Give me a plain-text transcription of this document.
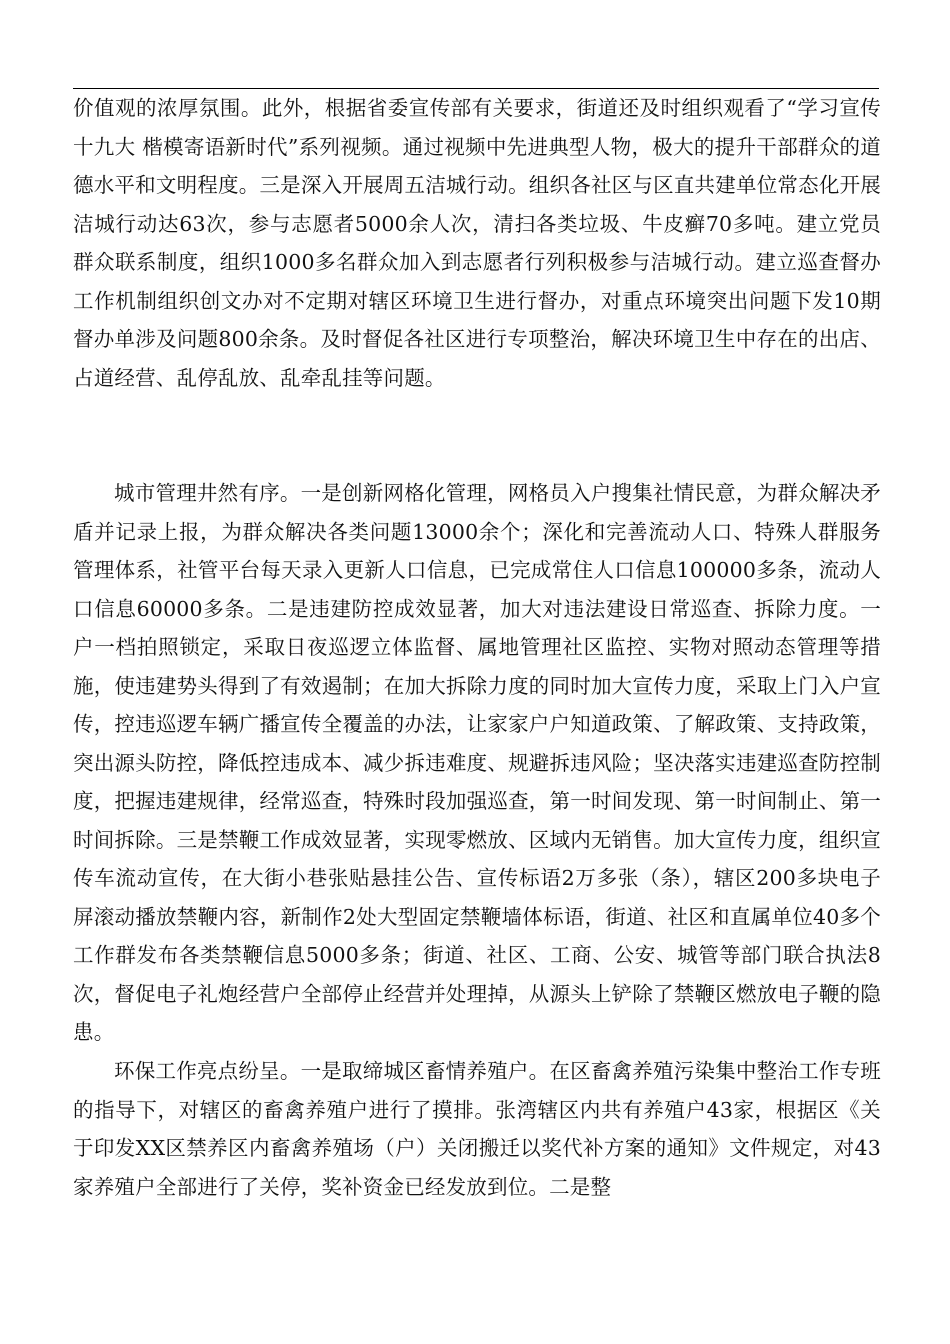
价值观的浓厚氛围。此外，根据省委宣传部有关要求，街道还及时组织观看了“学习宣传十九大 楷模寄语新时代”系列视频。通过视频中先进典型人物，极大的提升干部群众的道德水平和文明程度。三是深入开展周五洁城行动。组织各社区与区直共建单位常态化开展洁城行动达63次，参与志愿者5000余人次，清扫各类垃圾、牛皮癣70多吨。建立党员群众联系制度，组织1000多名群众加入到志愿者行列积极参与洁城行动。建立巡查督办工作机制组织创文办对不定期对辖区环境卫生进行督办，对重点环境突出问题下发10期督办单涉及问题800余条。及时督促各社区进行专项整治，解决环境卫生中存在的出店、占道经营、乱停乱放、乱牵乱挂等问题。

城市管理井然有序。一是创新网格化管理，网格员入户搜集社情民意，为群众解决矛盾并记录上报，为群众解决各类问题13000余个；深化和完善流动人口、特殊人群服务管理体系，社管平台每天录入更新人口信息，已完成常住人口信息100000多条，流动人口信息60000多条。二是违建防控成效显著，加大对违法建设日常巡查、拆除力度。一户一档拍照锁定，采取日夜巡逻立体监督、属地管理社区监控、实物对照动态管理等措施，使违建势头得到了有效遏制；在加大拆除力度的同时加大宣传力度，采取上门入户宣传，控违巡逻车辆广播宣传全覆盖的办法，让家家户户知道政策、了解政策、支持政策，突出源头防控，降低控违成本、减少拆违难度、规避拆违风险；坚决落实违建巡查防控制度，把握违建规律，经常巡查，特殊时段加强巡查，第一时间发现、第一时间制止、第一时间拆除。三是禁鞭工作成效显著，实现零燃放、区域内无销售。加大宣传力度，组织宣传车流动宣传，在大街小巷张贴悬挂公告、宣传标语2万多张（条），辖区200多块电子屏滚动播放禁鞭内容，新制作2处大型固定禁鞭墙体标语，街道、社区和直属单位40多个工作群发布各类禁鞭信息5000多条；街道、社区、工商、公安、城管等部门联合执法8次，督促电子礼炮经营户全部停止经营并处理掉，从源头上铲除了禁鞭区燃放电子鞭的隐患。

环保工作亮点纷呈。一是取缔城区畜情养殖户。在区畜禽养殖污染集中整治工作专班的指导下，对辖区的畜禽养殖户进行了摸排。张湾辖区内共有养殖户43家，根据区《关于印发XX区禁养区内畜禽养殖场（户）关闭搬迁以奖代补方案的通知》文件规定，对43家养殖户全部进行了关停，奖补资金已经发放到位。二是整
